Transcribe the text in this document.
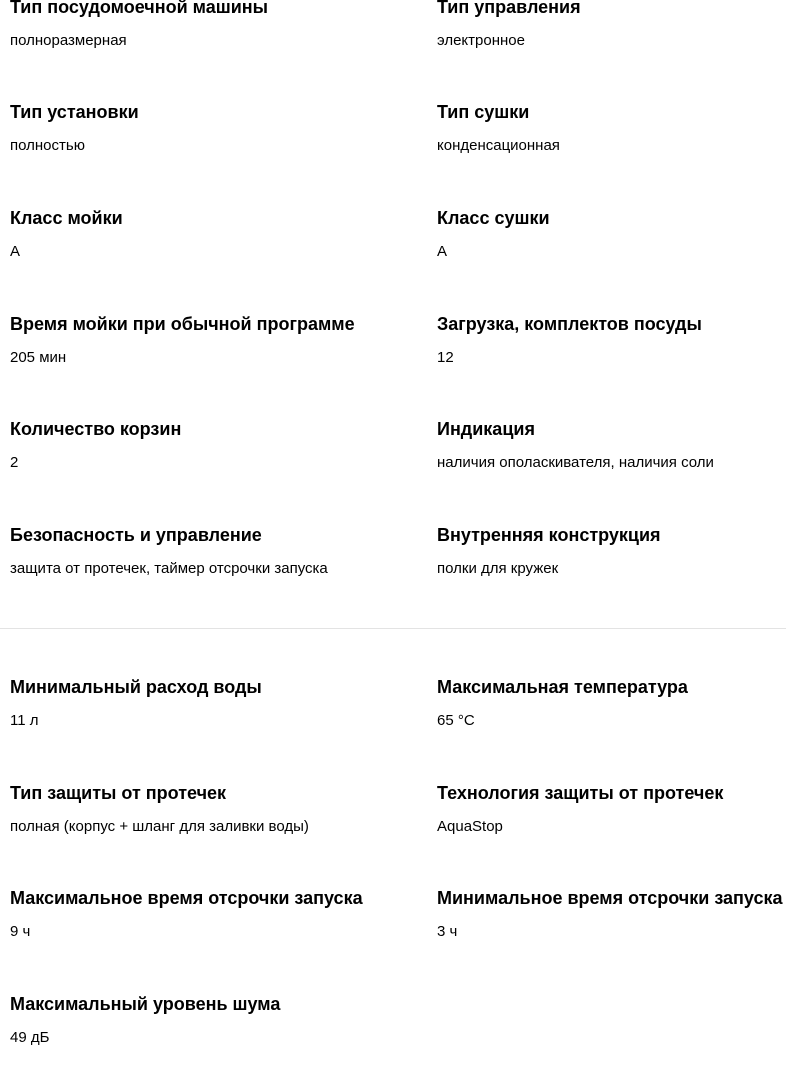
Тип посудомоечной машины
полноразмерная
Тип управления
электронное
Тип установки
полностью
Тип сушки
конденсационная
Класс мойки
A
Класс сушки
A
Время мойки при обычной программе
205 мин
Загрузка, комплектов посуды
12
Количество корзин
2
Индикация
наличия ополаскивателя, наличия соли
Безопасность и управление
защита от протечек, таймер отсрочки запуска
Внутренняя конструкция
полки для кружек
Минимальный расход воды
11 л
Максимальная температура
65 °C
Тип защиты от протечек
полная (корпус + шланг для заливки воды)
Технология защиты от протечек
AquaStop
Максимальное время отсрочки запуска
9 ч
Минимальное время отсрочки запуска
3 ч
Максимальный уровень шума
49 дБ
